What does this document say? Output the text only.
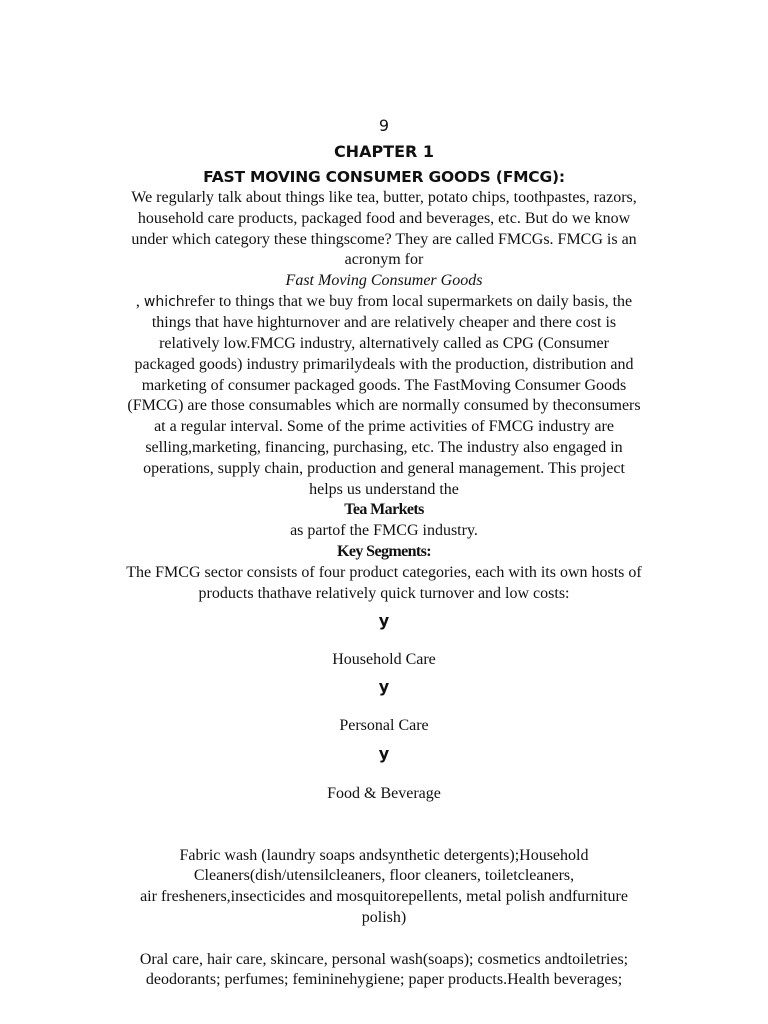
9
CHAPTER 1
FAST MOVING CONSUMER GOODS (FMCG):
We regularly talk about things like tea, butter, potato chips, toothpastes, razors,
household care products, packaged food and beverages, etc. But do we know
under which category these thingscome? They are called FMCGs. FMCG is an
acronym for
Fast Moving Consumer Goods
, whichrefer to things that we buy from local supermarkets on daily basis, the
things that have highturnover and are relatively cheaper and there cost is
relatively low.FMCG industry, alternatively called as CPG (Consumer
packaged goods) industry primarilydeals with the production, distribution and
marketing of consumer packaged goods. The FastMoving Consumer Goods
(FMCG) are those consumables which are normally consumed by theconsumers
at a regular interval. Some of the prime activities of FMCG industry are
selling,marketing, financing, purchasing, etc. The industry also engaged in
operations, supply chain, production and general management. This project
helps us understand the
Tea Markets
as partof the FMCG industry.
Key Segments:
The FMCG sector consists of four product categories, each with its own hosts of
products thathave relatively quick turnover and low costs:
y
Household Care
y
Personal Care
y
Food & Beverage
Fabric wash (laundry soaps andsynthetic detergents);Household
Cleaners(dish/utensilcleaners, floor cleaners, toiletcleaners,
air fresheners,insecticides and mosquitorepellents, metal polish andfurniture
polish)
Oral care, hair care, skincare, personal wash(soaps); cosmetics andtoiletries;
deodorants; perfumes; femininehygiene; paper products.Health beverages;
